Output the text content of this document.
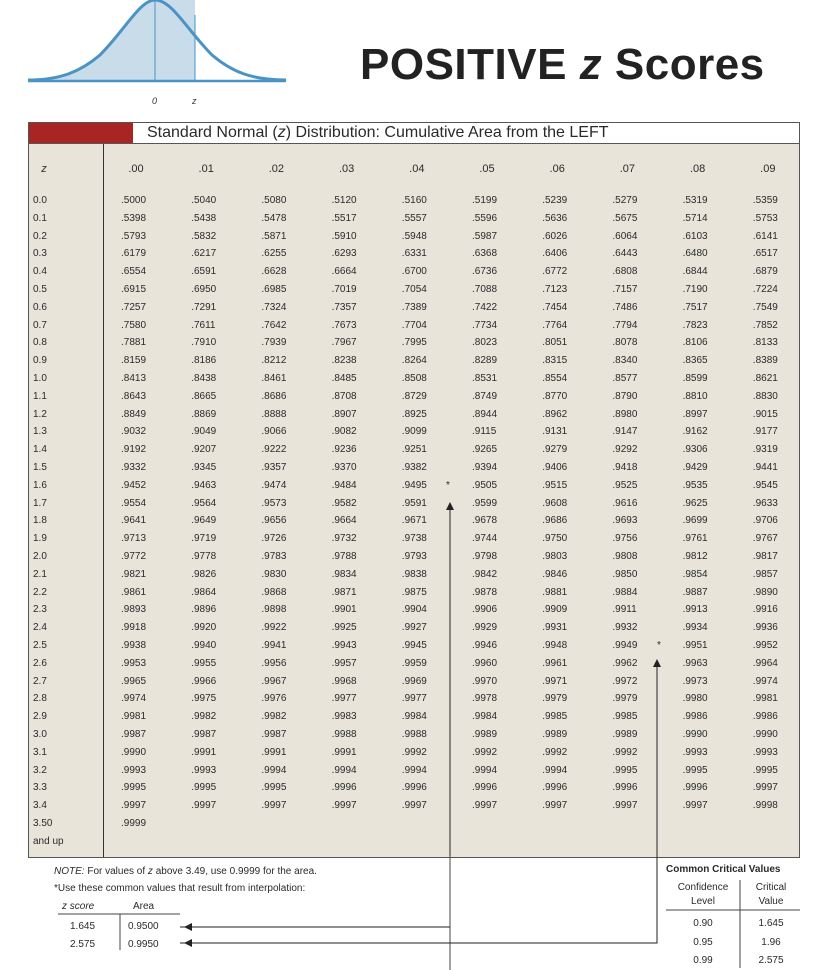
0	z
POSITIVE z Scores
Standard Normal (z) Distribution: Cumulative Area from the LEFT
z	.00	.01	.02	.03	.04	.05	.06	.07	.08	.09
0.0	.5000	.5040	.5080	.5120	.5160	.5199	.5239	.5279	.5319	.5359
0.1	.5398	.5438	.5478	.5517	.5557	.5596	.5636	.5675	.5714	.5753
0.2	.5793	.5832	.5871	.5910	.5948	.5987	.6026	.6064	.6103	.6141
0.3	.6179	.6217	.6255	.6293	.6331	.6368	.6406	.6443	.6480	.6517
0.4	.6554	.6591	.6628	.6664	.6700	.6736	.6772	.6808	.6844	.6879
0.5	.6915	.6950	.6985	.7019	.7054	.7088	.7123	.7157	.7190	.7224
0.6	.7257	.7291	.7324	.7357	.7389	.7422	.7454	.7486	.7517	.7549
0.7	.7580	.7611	.7642	.7673	.7704	.7734	.7764	.7794	.7823	.7852
0.8	.7881	.7910	.7939	.7967	.7995	.8023	.8051	.8078	.8106	.8133
0.9	.8159	.8186	.8212	.8238	.8264	.8289	.8315	.8340	.8365	.8389
1.0	.8413	.8438	.8461	.8485	.8508	.8531	.8554	.8577	.8599	.8621
1.1	.8643	.8665	.8686	.8708	.8729	.8749	.8770	.8790	.8810	.8830
1.2	.8849	.8869	.8888	.8907	.8925	.8944	.8962	.8980	.8997	.9015
1.3	.9032	.9049	.9066	.9082	.9099	.9115	.9131	.9147	.9162	.9177
1.4	.9192	.9207	.9222	.9236	.9251	.9265	.9279	.9292	.9306	.9319
1.5	.9332	.9345	.9357	.9370	.9382	.9394	.9406	.9418	.9429	.9441
1.6	.9452	.9463	.9474	.9484	.9495	.9505	.9515	.9525	.9535	.9545
1.7	.9554	.9564	.9573	.9582	.9591	.9599	.9608	.9616	.9625	.9633
1.8	.9641	.9649	.9656	.9664	.9671	.9678	.9686	.9693	.9699	.9706
1.9	.9713	.9719	.9726	.9732	.9738	.9744	.9750	.9756	.9761	.9767
2.0	.9772	.9778	.9783	.9788	.9793	.9798	.9803	.9808	.9812	.9817
2.1	.9821	.9826	.9830	.9834	.9838	.9842	.9846	.9850	.9854	.9857
2.2	.9861	.9864	.9868	.9871	.9875	.9878	.9881	.9884	.9887	.9890
2.3	.9893	.9896	.9898	.9901	.9904	.9906	.9909	.9911	.9913	.9916
2.4	.9918	.9920	.9922	.9925	.9927	.9929	.9931	.9932	.9934	.9936
2.5	.9938	.9940	.9941	.9943	.9945	.9946	.9948	.9949	.9951	.9952
2.6	.9953	.9955	.9956	.9957	.9959	.9960	.9961	.9962	.9963	.9964
2.7	.9965	.9966	.9967	.9968	.9969	.9970	.9971	.9972	.9973	.9974
2.8	.9974	.9975	.9976	.9977	.9977	.9978	.9979	.9979	.9980	.9981
2.9	.9981	.9982	.9982	.9983	.9984	.9984	.9985	.9985	.9986	.9986
3.0	.9987	.9987	.9987	.9988	.9988	.9989	.9989	.9989	.9990	.9990
3.1	.9990	.9991	.9991	.9991	.9992	.9992	.9992	.9992	.9993	.9993
3.2	.9993	.9993	.9994	.9994	.9994	.9994	.9994	.9995	.9995	.9995
3.3	.9995	.9995	.9995	.9996	.9996	.9996	.9996	.9996	.9996	.9997
3.4	.9997	.9997	.9997	.9997	.9997	.9997	.9997	.9997	.9997	.9998
3.50	.9999
and up
*
*
NOTE: For values of z above 3.49, use 0.9999 for the area.
*Use these common values that result from interpolation:
z score	Area
1.645	0.9500
2.575	0.9950
Common Critical Values
Confidence
Level
Critical
Value
0.90	1.645
0.95	1.96
0.99	2.575
